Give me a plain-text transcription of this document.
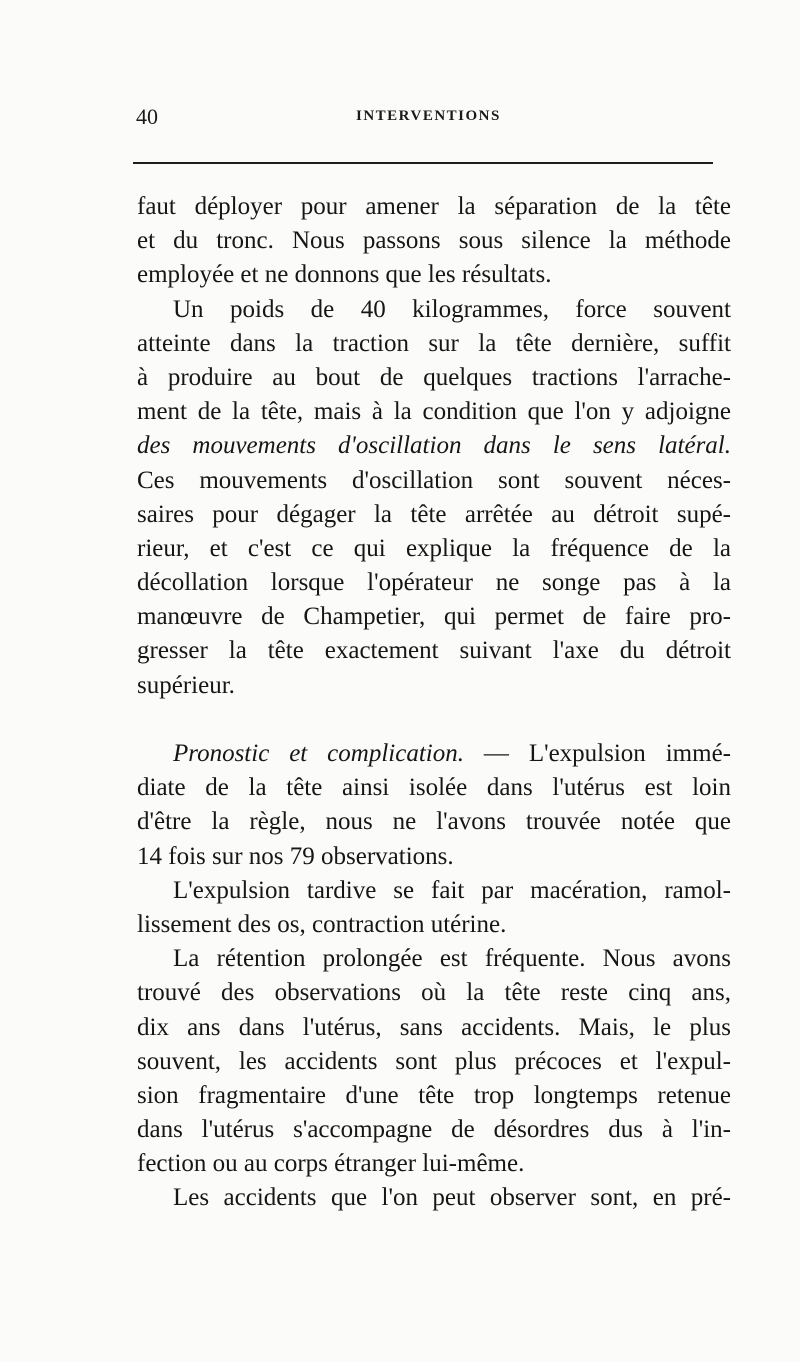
40	INTERVENTIONS
faut déployer pour amener la séparation de la tête
et du tronc. Nous passons sous silence la méthode
employée et ne donnons que les résultats.
Un poids de 40 kilogrammes, force souvent
atteinte dans la traction sur la tête dernière, suffit
à produire au bout de quelques tractions l'arrache-
ment de la tête, mais à la condition que l'on y adjoigne
des mouvements d'oscillation dans le sens latéral.
Ces mouvements d'oscillation sont souvent néces-
saires pour dégager la tête arrêtée au détroit supé-
rieur, et c'est ce qui explique la fréquence de la
décollation lorsque l'opérateur ne songe pas à la
manœuvre de Champetier, qui permet de faire pro-
gresser la tête exactement suivant l'axe du détroit
supérieur.
Pronostic et complication. — L'expulsion immé-
diate de la tête ainsi isolée dans l'utérus est loin
d'être la règle, nous ne l'avons trouvée notée que
14 fois sur nos 79 observations.
L'expulsion tardive se fait par macération, ramol-
lissement des os, contraction utérine.
La rétention prolongée est fréquente. Nous avons
trouvé des observations où la tête reste cinq ans,
dix ans dans l'utérus, sans accidents. Mais, le plus
souvent, les accidents sont plus précoces et l'expul-
sion fragmentaire d'une tête trop longtemps retenue
dans l'utérus s'accompagne de désordres dus à l'in-
fection ou au corps étranger lui-même.
Les accidents que l'on peut observer sont, en pré-
